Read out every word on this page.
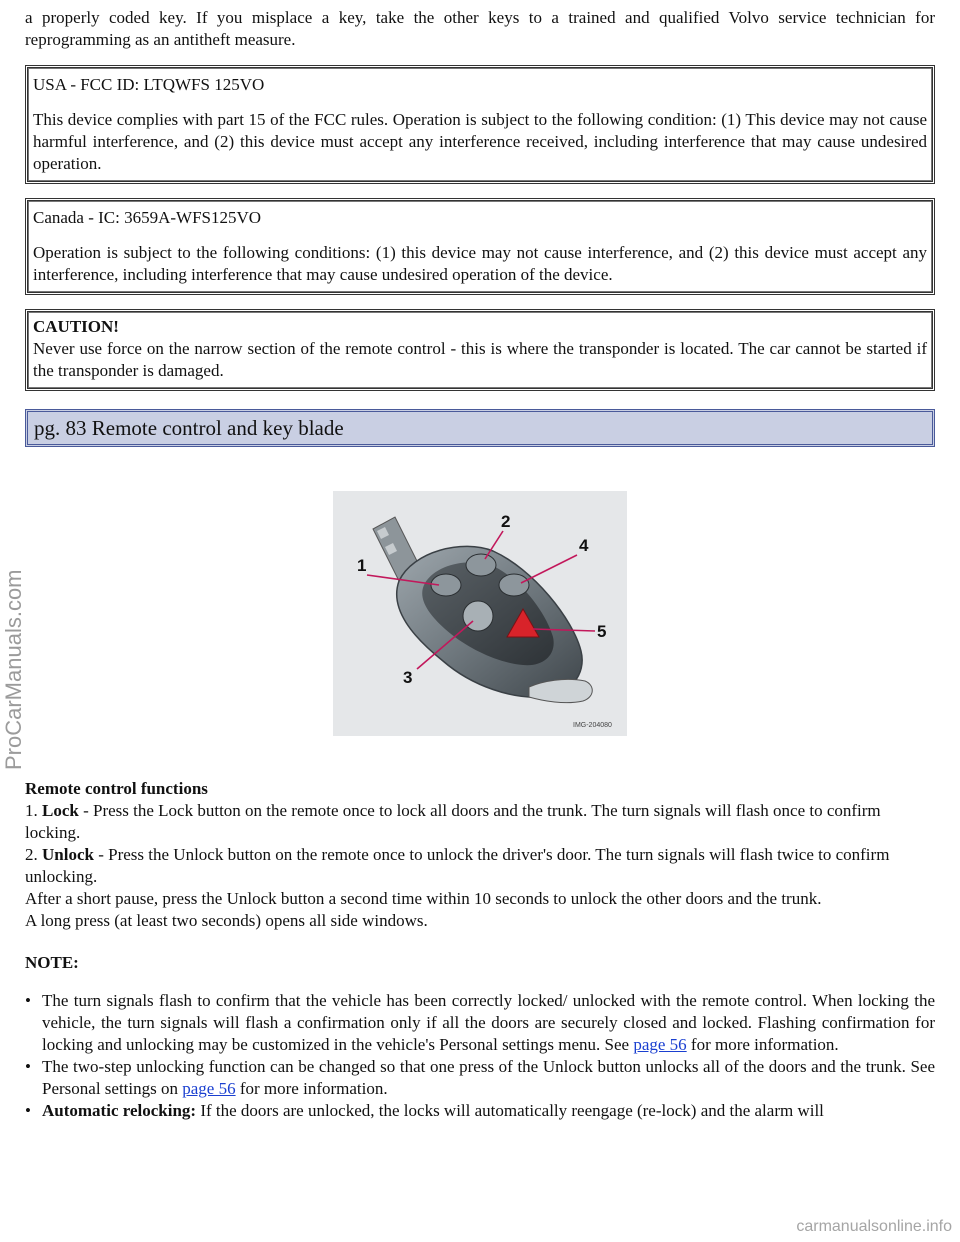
a properly coded key. If you misplace a key, take the other keys to a trained and qualified Volvo service technician for reprogramming as an antitheft measure.

USA - FCC ID: LTQWFS 125VO

This device complies with part 15 of the FCC rules. Operation is subject to the following condition: (1) This device may not cause harmful interference, and (2) this device must accept any interference received, including interference that may cause undesired operation.

Canada - IC: 3659A-WFS125VO

Operation is subject to the following conditions: (1) this device may not cause interference, and (2) this device must accept any interference, including interference that may cause undesired operation of the device.

CAUTION!

Never use force on the narrow section of the remote control - this is where the transponder is located. The car cannot be started if the transponder is damaged.

pg. 83 Remote control and key blade
1
2
3
4
5
IMG-204080

Remote control functions

1. Lock - Press the Lock button on the remote once to lock all doors and the trunk. The turn signals will flash once to confirm locking.

2. Unlock - Press the Unlock button on the remote once to unlock the driver's door. The turn signals will flash twice to confirm unlocking.

After a short pause, press the Unlock button a second time within 10 seconds to unlock the other doors and the trunk.

A long press (at least two seconds) opens all side windows.

NOTE:

• The turn signals flash to confirm that the vehicle has been correctly locked/ unlocked with the remote control. When locking the vehicle, the turn signals will flash a confirmation only if all the doors are securely closed and locked. Flashing confirmation for locking and unlocking may be customized in the vehicle's Personal settings menu. See page 56 for more information.
• The two-step unlocking function can be changed so that one press of the Unlock button unlocks all of the doors and the trunk. See Personal settings on page 56 for more information.
• Automatic relocking: If the doors are unlocked, the locks will automatically reengage (re-lock) and the alarm will
ProCarManuals.com
carmanualsonline.info
